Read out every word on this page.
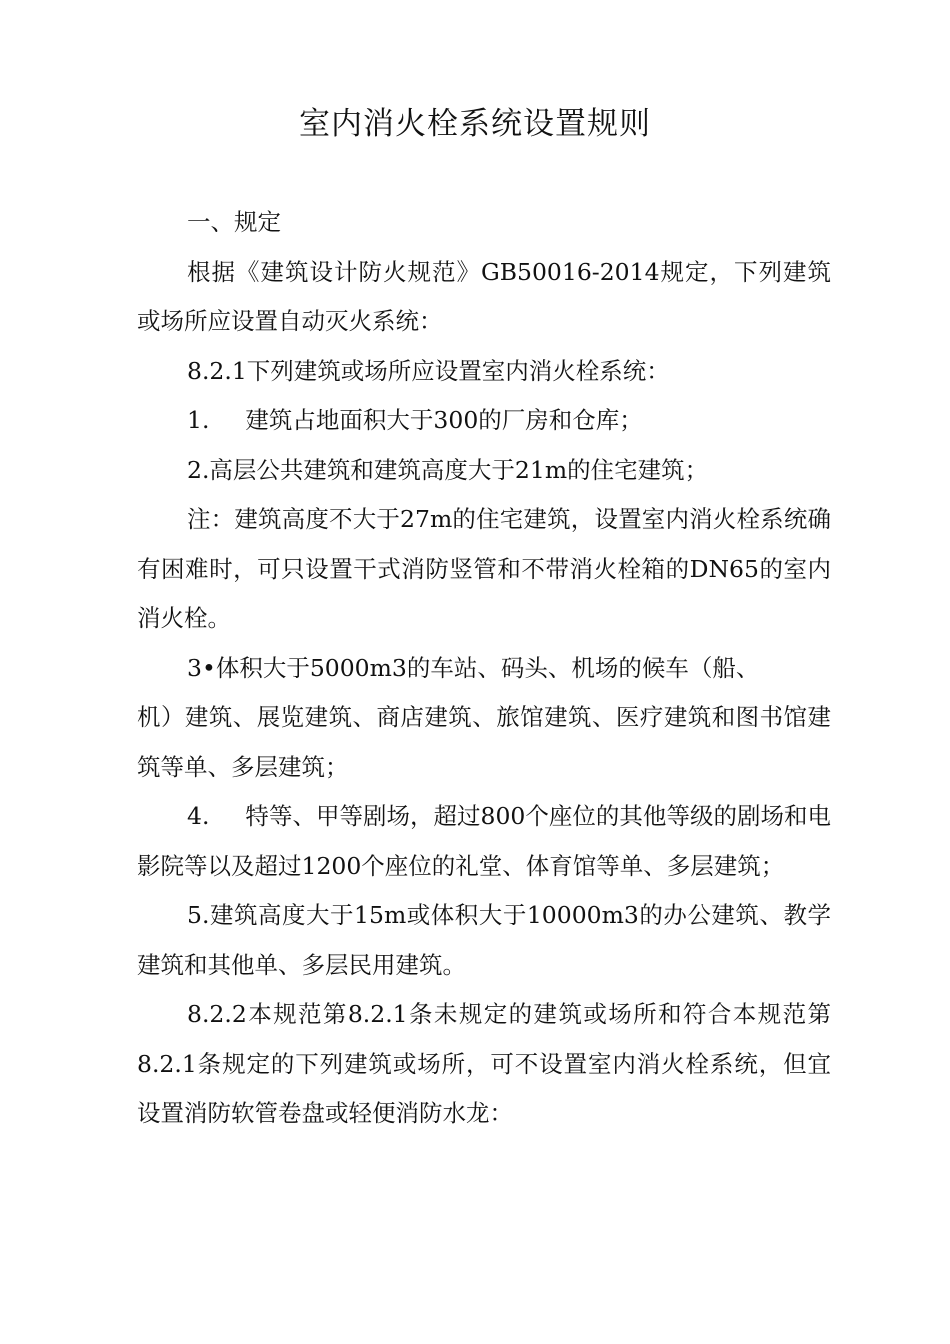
室内消火栓系统设置规则

一、规定

根据《建筑设计防火规范》GB50016-2014规定，下列建筑或场所应设置自动灭火系统：

8.2.1下列建筑或场所应设置室内消火栓系统：

1. 建筑占地面积大于300的厂房和仓库；

2.高层公共建筑和建筑高度大于21m的住宅建筑；

注：建筑高度不大于27m的住宅建筑，设置室内消火栓系统确有困难时，可只设置干式消防竖管和不带消火栓箱的DN65的室内消火栓。

3•体积大于5000m3的车站、码头、机场的候车（船、
机）建筑、展览建筑、商店建筑、旅馆建筑、医疗建筑和图书馆建筑等单、多层建筑；

4. 特等、甲等剧场，超过800个座位的其他等级的剧场和电影院等以及超过1200个座位的礼堂、体育馆等单、多层建筑；

5.建筑高度大于15m或体积大于10000m3的办公建筑、教学建筑和其他单、多层民用建筑。

8.2.2本规范第8.2.1条未规定的建筑或场所和符合本规范第8.2.1条规定的下列建筑或场所，可不设置室内消火栓系统，但宜设置消防软管卷盘或轻便消防水龙：
